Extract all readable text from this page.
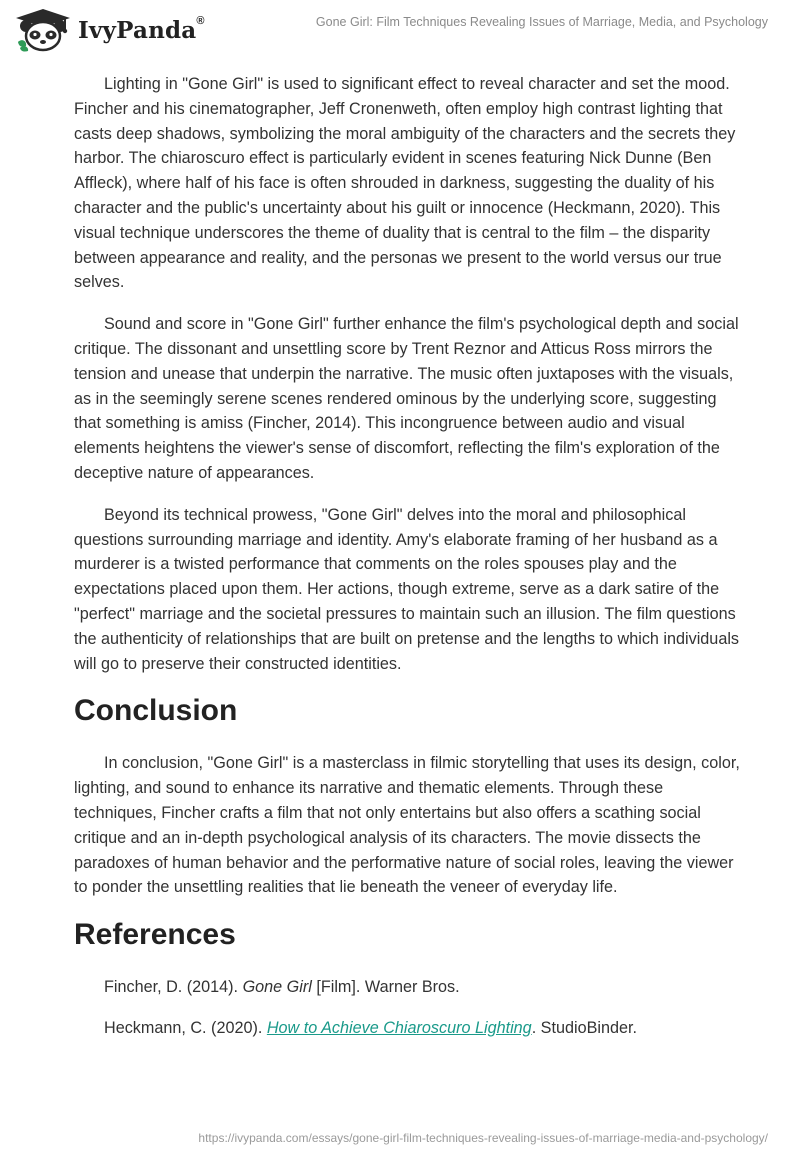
IvyPanda®	Gone Girl: Film Techniques Revealing Issues of Marriage, Media, and Psychology

Lighting in "Gone Girl" is used to significant effect to reveal character and set the mood. Fincher and his cinematographer, Jeff Cronenweth, often employ high contrast lighting that casts deep shadows, symbolizing the moral ambiguity of the characters and the secrets they harbor. The chiaroscuro effect is particularly evident in scenes featuring Nick Dunne (Ben Affleck), where half of his face is often shrouded in darkness, suggesting the duality of his character and the public's uncertainty about his guilt or innocence (Heckmann, 2020). This visual technique underscores the theme of duality that is central to the film – the disparity between appearance and reality, and the personas we present to the world versus our true selves.

Sound and score in "Gone Girl" further enhance the film's psychological depth and social critique. The dissonant and unsettling score by Trent Reznor and Atticus Ross mirrors the tension and unease that underpin the narrative. The music often juxtaposes with the visuals, as in the seemingly serene scenes rendered ominous by the underlying score, suggesting that something is amiss (Fincher, 2014). This incongruence between audio and visual elements heightens the viewer's sense of discomfort, reflecting the film's exploration of the deceptive nature of appearances.

Beyond its technical prowess, "Gone Girl" delves into the moral and philosophical questions surrounding marriage and identity. Amy's elaborate framing of her husband as a murderer is a twisted performance that comments on the roles spouses play and the expectations placed upon them. Her actions, though extreme, serve as a dark satire of the "perfect" marriage and the societal pressures to maintain such an illusion. The film questions the authenticity of relationships that are built on pretense and the lengths to which individuals will go to preserve their constructed identities.

Conclusion

In conclusion, "Gone Girl" is a masterclass in filmic storytelling that uses its design, color, lighting, and sound to enhance its narrative and thematic elements. Through these techniques, Fincher crafts a film that not only entertains but also offers a scathing social critique and an in-depth psychological analysis of its characters. The movie dissects the paradoxes of human behavior and the performative nature of social roles, leaving the viewer to ponder the unsettling realities that lie beneath the veneer of everyday life.

References

Fincher, D. (2014). Gone Girl [Film]. Warner Bros.

Heckmann, C. (2020). How to Achieve Chiaroscuro Lighting. StudioBinder.

https://ivypanda.com/essays/gone-girl-film-techniques-revealing-issues-of-marriage-media-and-psychology/
